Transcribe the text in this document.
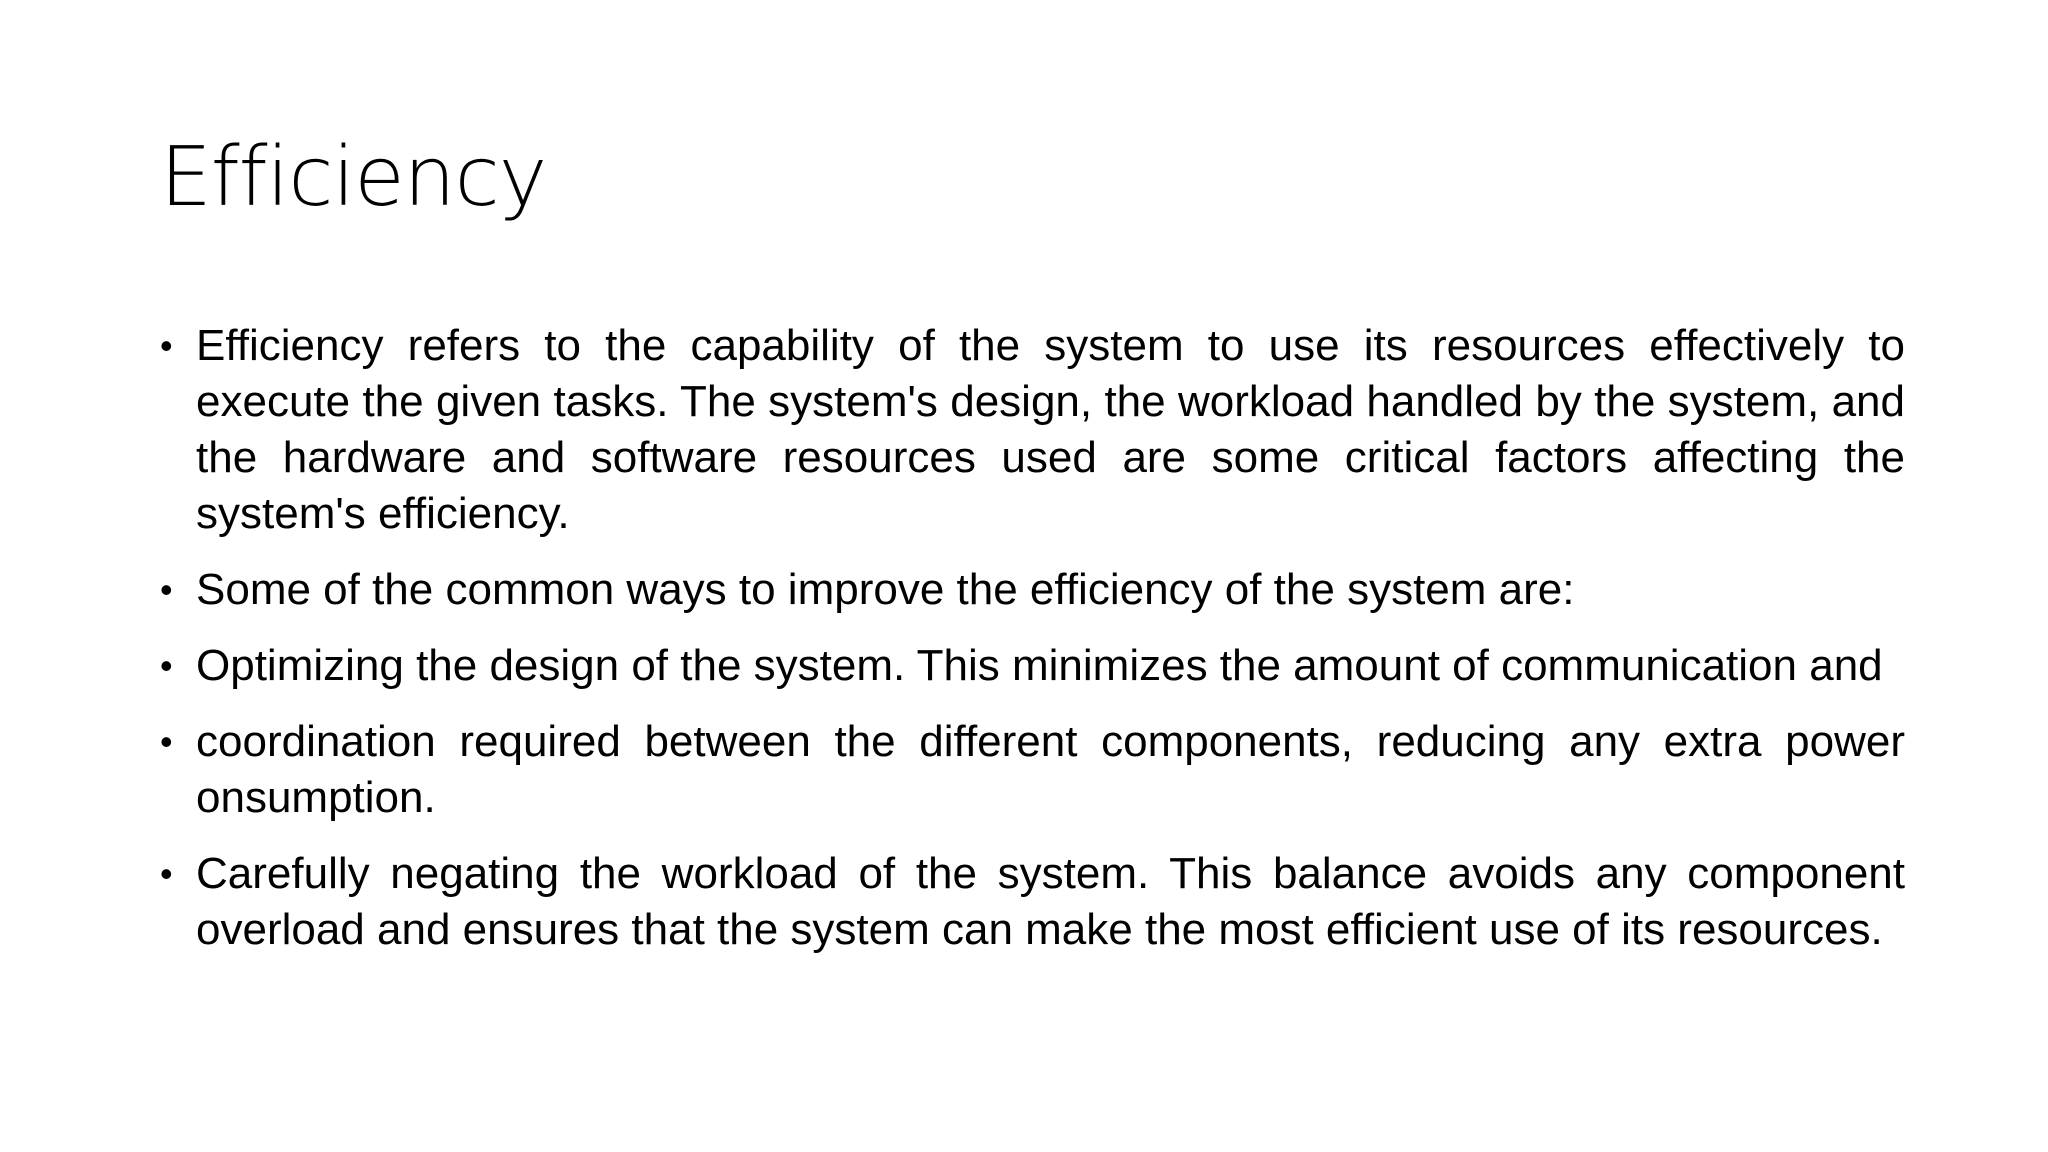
Efficiency
• Efficiency refers to the capability of the system to use its resources effectively to execute the given tasks. The system's design, the workload handled by the system, and the hardware and software resources used are some critical factors affecting the system's efficiency.
• Some of the common ways to improve the efficiency of the system are:
• Optimizing the design of the system. This minimizes the amount of communication and
• coordination required between the different components, reducing any extra power onsumption.
• Carefully negating the workload of the system. This balance avoids any component overload and ensures that the system can make the most efficient use of its resources.
